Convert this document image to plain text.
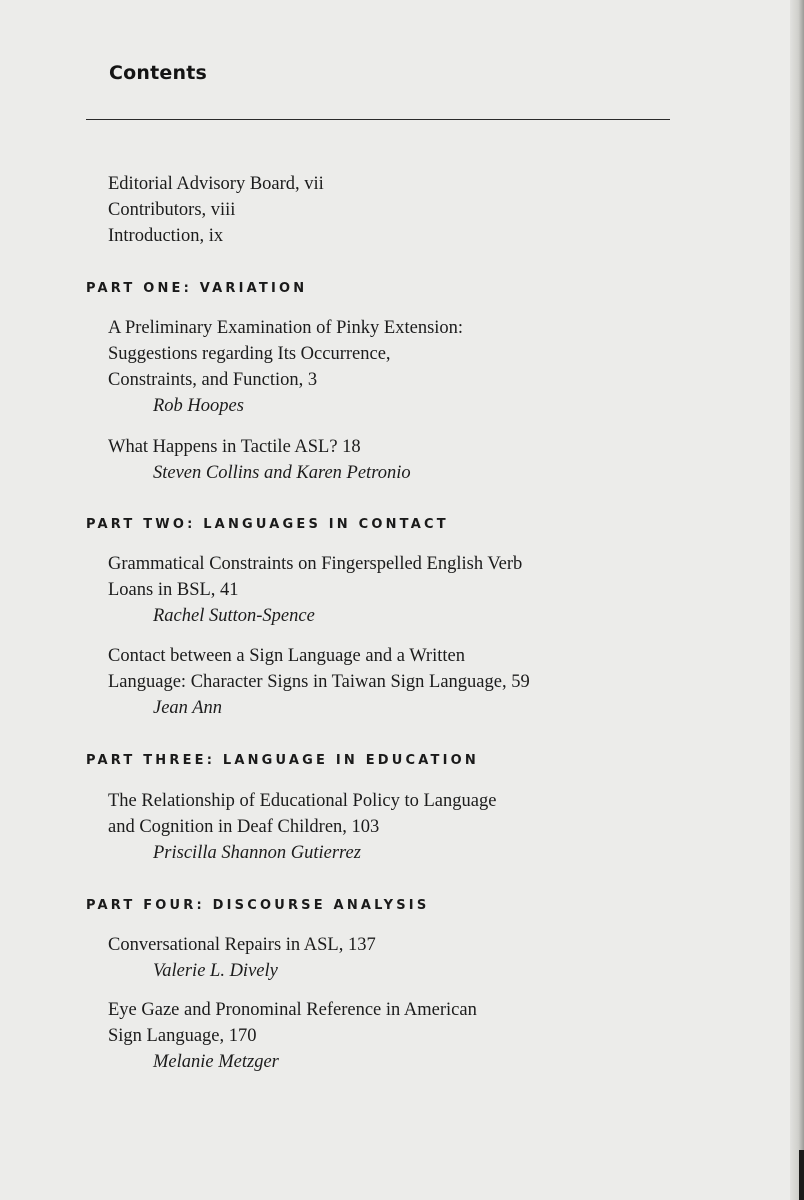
Contents
Editorial Advisory Board, vii
Contributors, viii
Introduction, ix
PART ONE: VARIATION
A Preliminary Examination of Pinky Extension:
Suggestions regarding Its Occurrence,
Constraints, and Function, 3
Rob Hoopes
What Happens in Tactile ASL? 18
Steven Collins and Karen Petronio
PART TWO: LANGUAGES IN CONTACT
Grammatical Constraints on Fingerspelled English Verb
Loans in BSL, 41
Rachel Sutton-Spence
Contact between a Sign Language and a Written
Language: Character Signs in Taiwan Sign Language, 59
Jean Ann
PART THREE: LANGUAGE IN EDUCATION
The Relationship of Educational Policy to Language
and Cognition in Deaf Children, 103
Priscilla Shannon Gutierrez
PART FOUR: DISCOURSE ANALYSIS
Conversational Repairs in ASL, 137
Valerie L. Dively
Eye Gaze and Pronominal Reference in American
Sign Language, 170
Melanie Metzger
